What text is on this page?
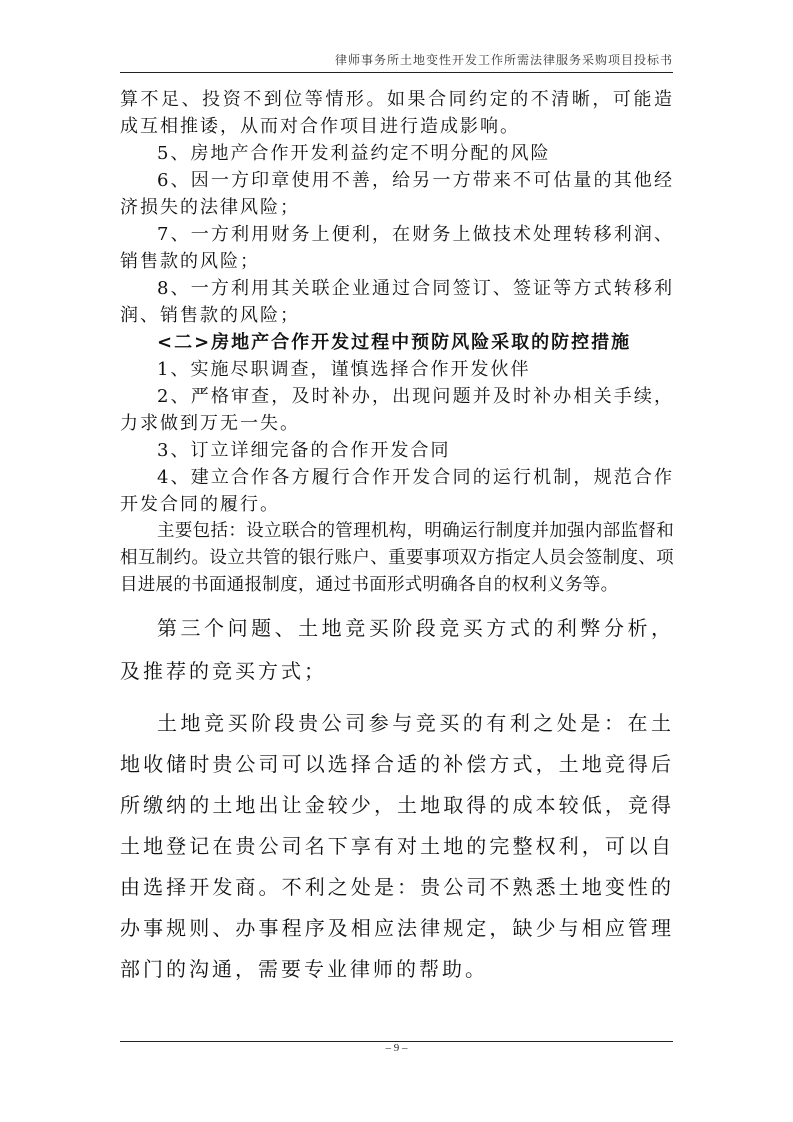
律师事务所土地变性开发工作所需法律服务采购项目投标书

算不足、投资不到位等情形。如果合同约定的不清晰，可能造成互相推诿，从而对合作项目进行造成影响。

5、房地产合作开发利益约定不明分配的风险

6、因一方印章使用不善，给另一方带来不可估量的其他经济损失的法律风险；

7、一方利用财务上便利，在财务上做技术处理转移利润、销售款的风险；

8、一方利用其关联企业通过合同签订、签证等方式转移利润、销售款的风险；

<二>房地产合作开发过程中预防风险采取的防控措施

1、实施尽职调查，谨慎选择合作开发伙伴

2、严格审查，及时补办，出现问题并及时补办相关手续，力求做到万无一失。

3、订立详细完备的合作开发合同

4、建立合作各方履行合作开发合同的运行机制，规范合作开发合同的履行。

主要包括：设立联合的管理机构，明确运行制度并加强内部监督和相互制约。设立共管的银行账户、重要事项双方指定人员会签制度、项目进展的书面通报制度，通过书面形式明确各自的权利义务等。

第三个问题、土地竞买阶段竞买方式的利弊分析，及推荐的竞买方式；

土地竞买阶段贵公司参与竞买的有利之处是：在土地收储时贵公司可以选择合适的补偿方式，土地竞得后所缴纳的土地出让金较少，土地取得的成本较低，竞得土地登记在贵公司名下享有对土地的完整权利，可以自由选择开发商。不利之处是：贵公司不熟悉土地变性的办事规则、办事程序及相应法律规定，缺少与相应管理部门的沟通，需要专业律师的帮助。

– 9 –
